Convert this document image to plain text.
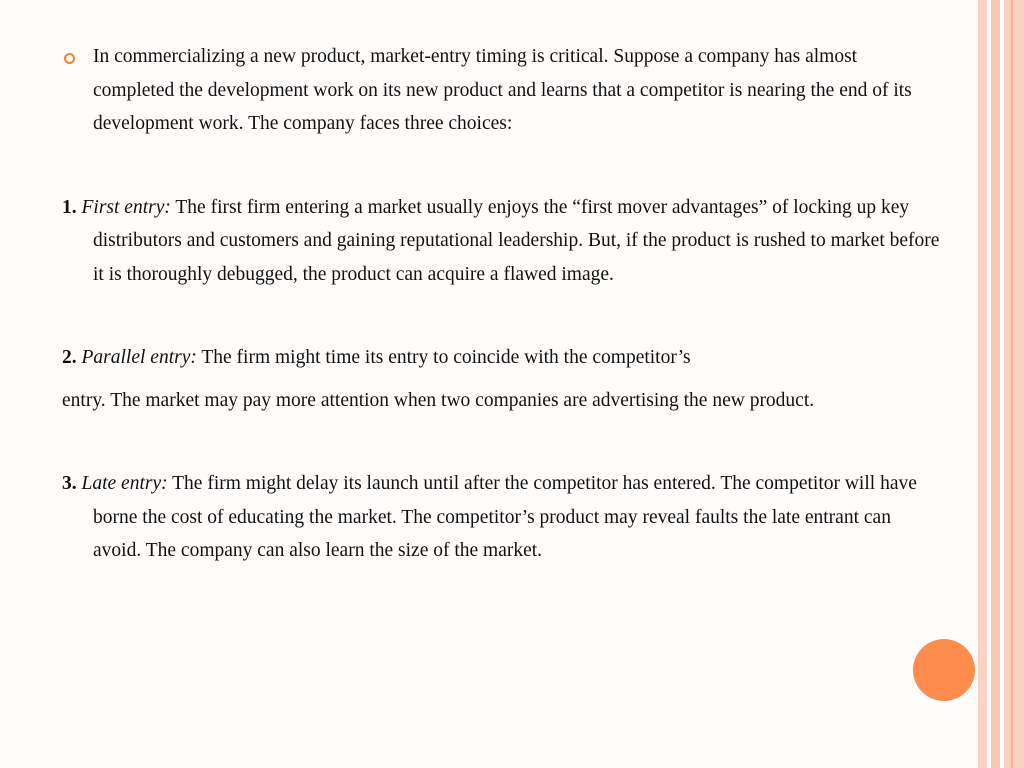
In commercializing a new product, market-entry timing is critical. Suppose a company has almost completed the development work on its new product and learns that a competitor is nearing the end of its development work. The company faces three choices:

1. First entry: The first firm entering a market usually enjoys the “first mover advantages” of locking up key distributors and customers and gaining reputational leadership. But, if the product is rushed to market before it is thoroughly debugged, the product can acquire a flawed image.

2. Parallel entry: The firm might time its entry to coincide with the competitor’s

entry. The market may pay more attention when two companies are advertising the new product.

3. Late entry: The firm might delay its launch until after the competitor has entered. The competitor will have borne the cost of educating the market. The competitor’s product may reveal faults the late entrant can avoid. The company can also learn the size of the market.
